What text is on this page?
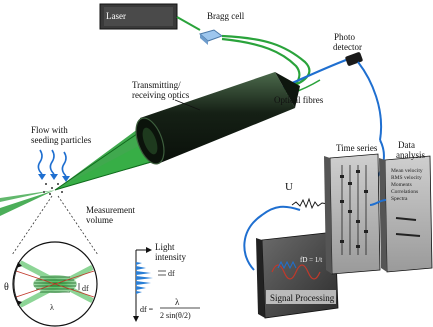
Laser	Bragg cell
Photo
detector
Transmitting/
receiving optics	Optical fibres
Flow with
seeding particles
Measurement
volume
df
λ
θ
df
Light
intensity
λ
df =
2 sin(θ/2)
fD = 1/t
Signal Processing
U
Time series Data
analysis
Mean velocity
RMS velocity
Moments
Correlations
Spectra
